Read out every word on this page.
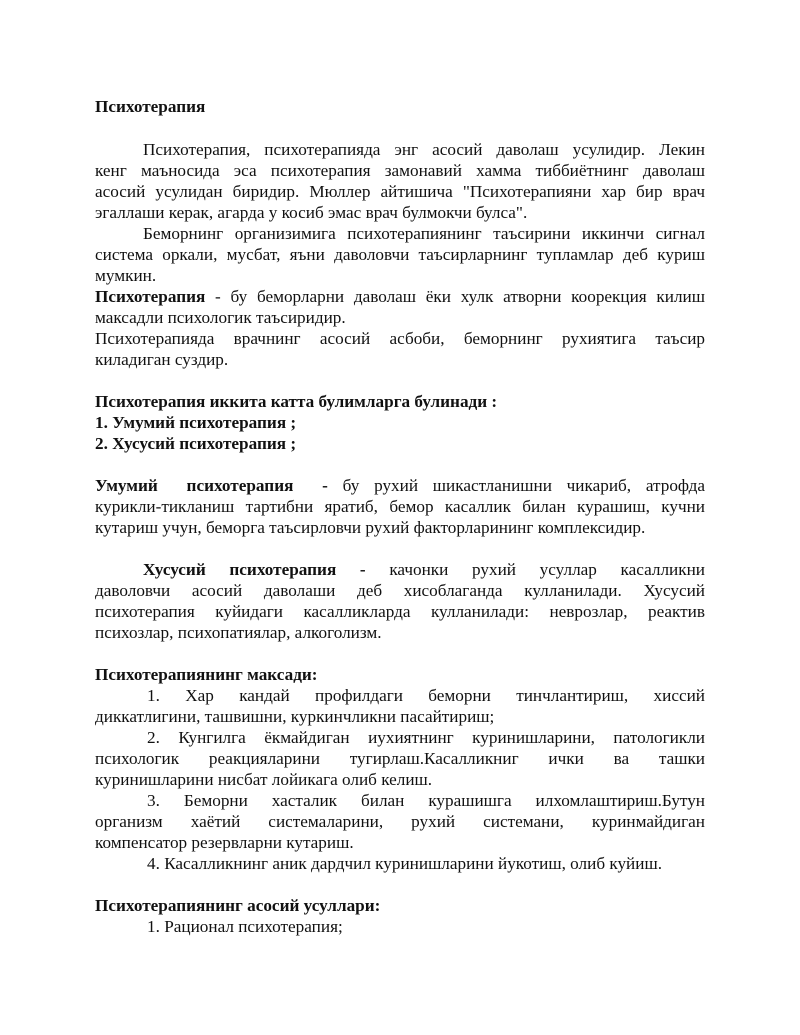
Психотерапия

Психотерапия, психотерапияда энг асосий даволаш усулидир. Лекин

кенг маъносида эса психотерапия замонавий хамма тиббиётнинг даволаш

асосий усулидан биридир. Мюллер айтишича "Психотерапияни хар бир врач

эгаллаши керак, агарда у косиб эмас врач булмокчи булса".

Беморнинг организимига психотерапиянинг таъсирини иккинчи сигнал

система оркали, мусбат, яъни даволовчи таъсирларнинг тупламлар деб куриш

мумкин.

Психотерапия - бу беморларни даволаш ёки хулк атворни коорекция килиш

максадли психологик таъсиридир.

Психотерапияда врачнинг асосий асбоби, беморнинг рухиятига таъсир

киладиган суздир.

Психотерапия иккита катта булимларга булинади :

1. Умумий психотерапия ;

2. Хусусий психотерапия ;

Умумий психотерапия - бу рухий шикастланишни чикариб, атрофда

курикли-тикланиш тартибни яратиб, бемор касаллик билан курашиш, кучни

кутариш учун, беморга таъсирловчи рухий факторларининг комплексидир.

Хусусий психотерапия - качонки рухий усуллар касалликни

даволовчи асосий даволаши деб хисоблаганда кулланилади. Хусусий

психотерапия куйидаги касалликларда кулланилади: неврозлар, реактив

психозлар, психопатиялар, алкоголизм.

Психотерапиянинг максади:

1. Хар кандай профилдаги беморни тинчлантириш, хиссий

диккатлигини, ташвишни, куркинчликни пасайтириш;

2. Кунгилга ёкмайдиган иухиятнинг куринишларини, патологикли

психологик реакцияларини тугирлаш.Касалликниг ички ва ташки

куринишларини нисбат лойикага олиб келиш.

3. Беморни хасталик билан курашишга илхомлаштириш.Бутун

организм хаётий системаларини, рухий системани, куринмайдиган

компенсатор резервларни кутариш.

4. Касалликнинг аник дардчил куринишларини йукотиш, олиб куйиш.

Психотерапиянинг асосий усуллари:

1. Рационал психотерапия;
